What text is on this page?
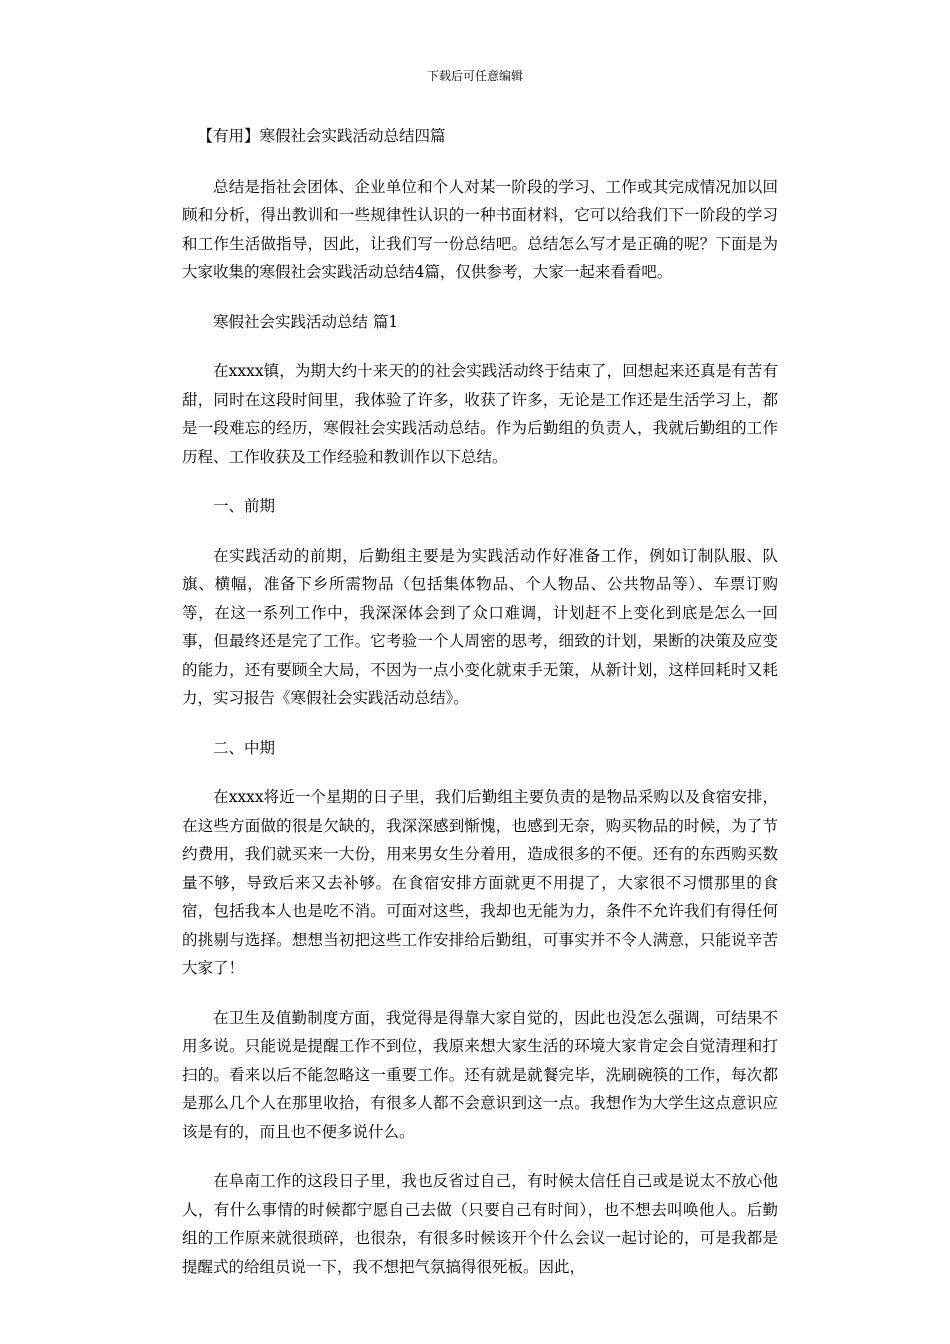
下载后可任意编辑

【有用】寒假社会实践活动总结四篇

总结是指社会团体、企业单位和个人对某一阶段的学习、工作或其完成情况加以回顾和分析，得出教训和一些规律性认识的一种书面材料，它可以给我们下一阶段的学习和工作生活做指导，因此，让我们写一份总结吧。总结怎么写才是正确的呢？下面是为大家收集的寒假社会实践活动总结4篇，仅供参考，大家一起来看看吧。

寒假社会实践活动总结 篇1

在xxxx镇，为期大约十来天的的社会实践活动终于结束了，回想起来还真是有苦有甜，同时在这段时间里，我体验了许多，收获了许多，无论是工作还是生活学习上，都是一段难忘的经历，寒假社会实践活动总结。作为后勤组的负责人，我就后勤组的工作历程、工作收获及工作经验和教训作以下总结。

一、前期

在实践活动的前期，后勤组主要是为实践活动作好准备工作，例如订制队服、队旗、横幅，准备下乡所需物品（包括集体物品、个人物品、公共物品等）、车票订购等，在这一系列工作中，我深深体会到了众口难调，计划赶不上变化到底是怎么一回事，但最终还是完了工作。它考验一个人周密的思考，细致的计划，果断的决策及应变的能力，还有要顾全大局，不因为一点小变化就束手无策，从新计划，这样回耗时又耗力，实习报告《寒假社会实践活动总结》。

二、中期

在xxxx将近一个星期的日子里，我们后勤组主要负责的是物品采购以及食宿安排，在这些方面做的很是欠缺的，我深深感到惭愧，也感到无奈，购买物品的时候，为了节约费用，我们就买来一大份，用来男女生分着用，造成很多的不便。还有的东西购买数量不够，导致后来又去补够。在食宿安排方面就更不用提了，大家很不习惯那里的食宿，包括我本人也是吃不消。可面对这些，我却也无能为力，条件不允许我们有得任何的挑剔与选择。想想当初把这些工作安排给后勤组，可事实并不令人满意，只能说辛苦大家了！

在卫生及值勤制度方面，我觉得是得靠大家自觉的，因此也没怎么强调，可结果不用多说。只能说是提醒工作不到位，我原来想大家生活的环境大家肯定会自觉清理和打扫的。看来以后不能忽略这一重要工作。还有就是就餐完毕，洗刷碗筷的工作，每次都是那么几个人在那里收拾，有很多人都不会意识到这一点。我想作为大学生这点意识应该是有的，而且也不便多说什么。

在阜南工作的这段日子里，我也反省过自己，有时候太信任自己或是说太不放心他人，有什么事情的时候都宁愿自己去做（只要自己有时间），也不想去叫唤他人。后勤组的工作原来就很琐碎，也很杂，有很多时候该开个什么会议一起讨论的，可是我都是提醒式的给组员说一下，我不想把气氛搞得很死板。因此，
